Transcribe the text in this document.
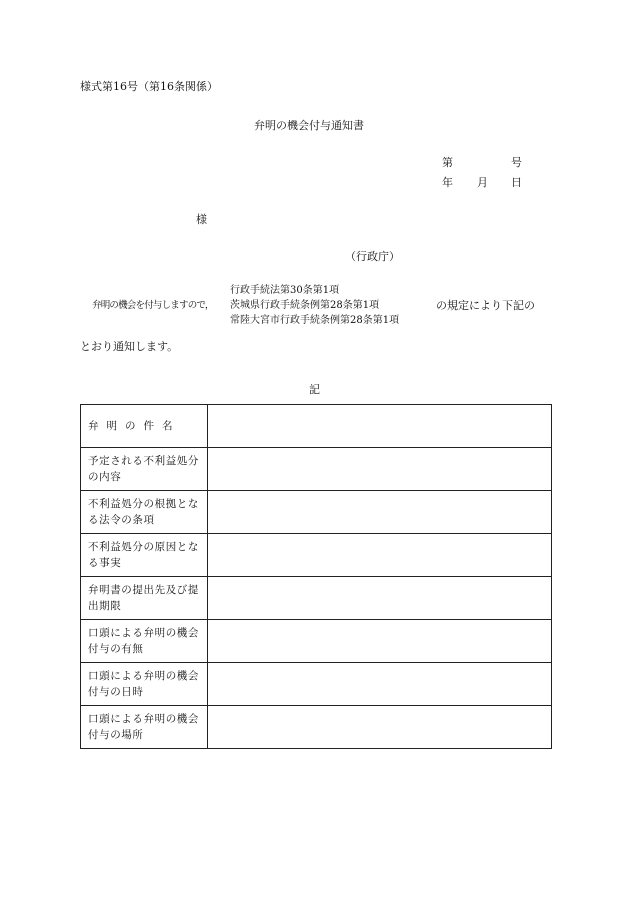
様式第16号（第16条関係）
弁明の機会付与通知書
第	号
年 月 日
様
（行政庁）
弁明の機会を付与しますので，
行政手続法第30条第1項
茨城県行政手続条例第28条第1項
常陸大宮市行政手続条例第28条第1項
の規定により下記の
とおり通知します。
記
弁明の件名	
予定される不利益処分の内容	
不利益処分の根拠となる法令の条項	
不利益処分の原因となる事実	
弁明書の提出先及び提出期限	
口頭による弁明の機会付与の有無	
口頭による弁明の機会付与の日時	
口頭による弁明の機会付与の場所	
